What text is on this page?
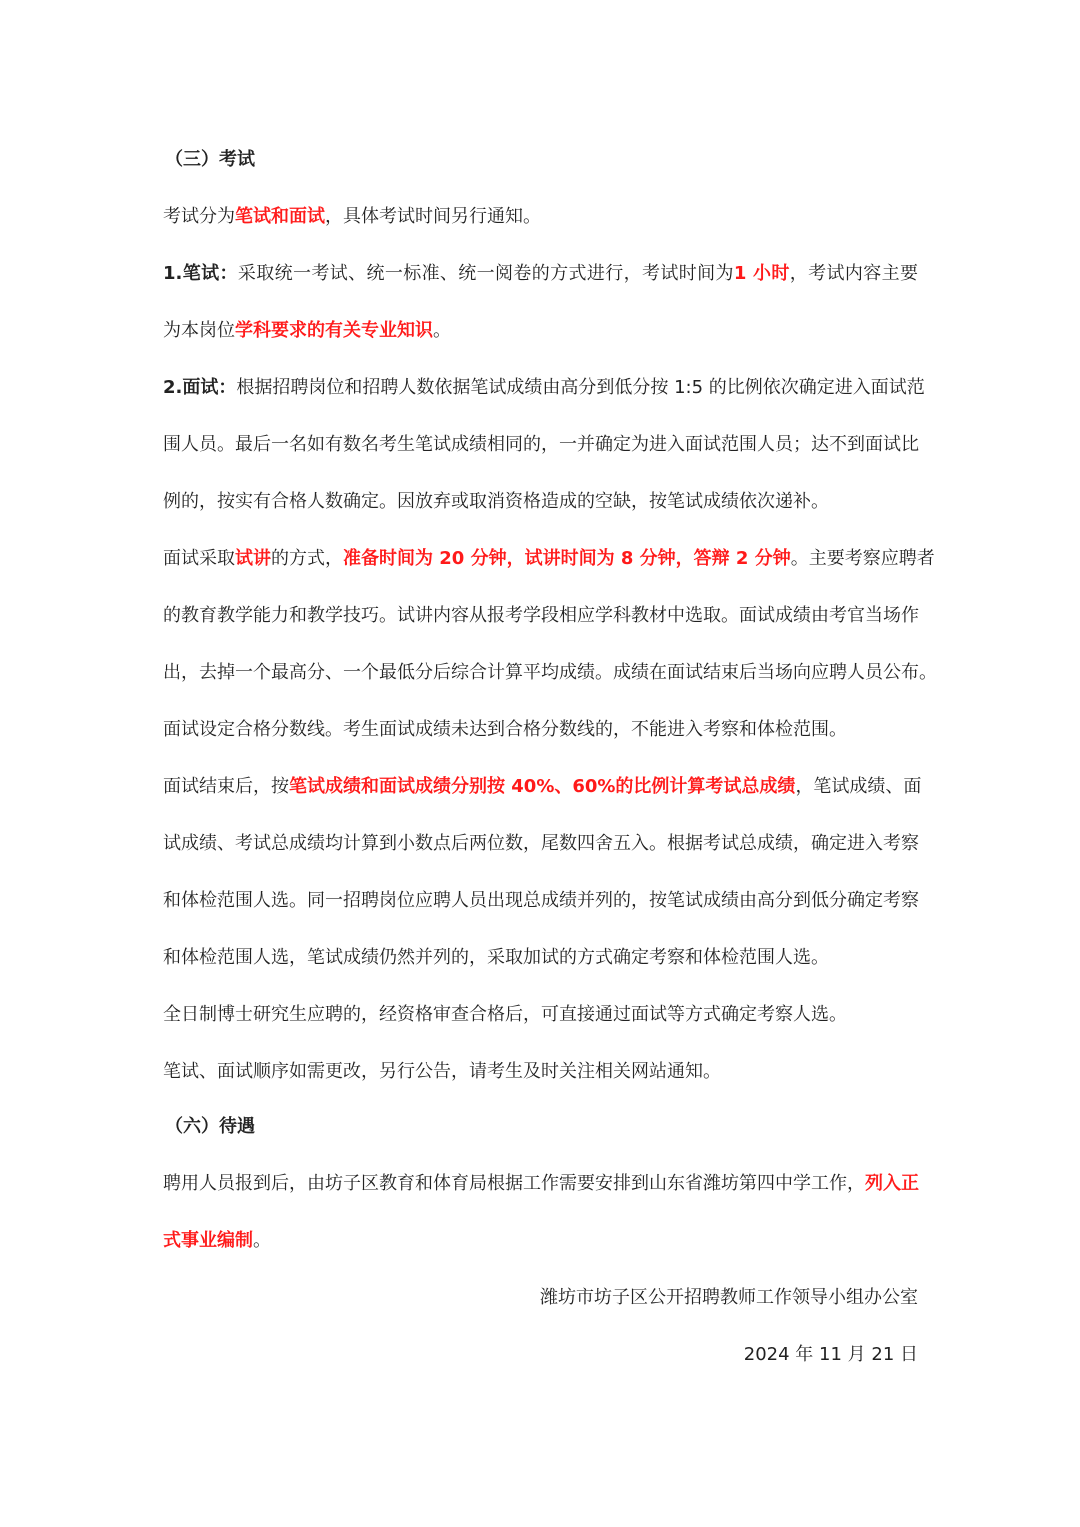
（三）考试
考试分为笔试和面试，具体考试时间另行通知。
1.笔试：采取统一考试、统一标准、统一阅卷的方式进行，考试时间为1 小时，考试内容主要
为本岗位学科要求的有关专业知识。
2.面试：根据招聘岗位和招聘人数依据笔试成绩由高分到低分按 1:5 的比例依次确定进入面试范
围人员。最后一名如有数名考生笔试成绩相同的，一并确定为进入面试范围人员；达不到面试比
例的，按实有合格人数确定。因放弃或取消资格造成的空缺，按笔试成绩依次递补。
面试采取试讲的方式，准备时间为 20 分钟，试讲时间为 8 分钟，答辩 2 分钟。主要考察应聘者
的教育教学能力和教学技巧。试讲内容从报考学段相应学科教材中选取。面试成绩由考官当场作
出，去掉一个最高分、一个最低分后综合计算平均成绩。成绩在面试结束后当场向应聘人员公布。
面试设定合格分数线。考生面试成绩未达到合格分数线的，不能进入考察和体检范围。
面试结束后，按笔试成绩和面试成绩分别按 40%、60%的比例计算考试总成绩，笔试成绩、面
试成绩、考试总成绩均计算到小数点后两位数，尾数四舍五入。根据考试总成绩，确定进入考察
和体检范围人选。同一招聘岗位应聘人员出现总成绩并列的，按笔试成绩由高分到低分确定考察
和体检范围人选，笔试成绩仍然并列的，采取加试的方式确定考察和体检范围人选。
全日制博士研究生应聘的，经资格审查合格后，可直接通过面试等方式确定考察人选。
笔试、面试顺序如需更改，另行公告，请考生及时关注相关网站通知。
（六）待遇
聘用人员报到后，由坊子区教育和体育局根据工作需要安排到山东省潍坊第四中学工作，列入正
式事业编制。
潍坊市坊子区公开招聘教师工作领导小组办公室
2024 年 11 月 21 日
